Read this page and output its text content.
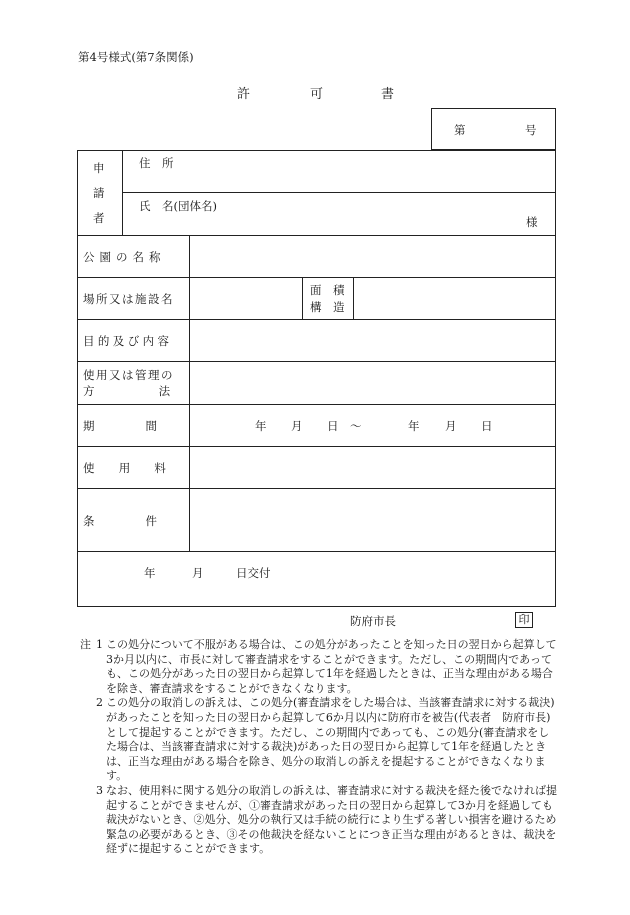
第4号様式(第7条関係)
許	可	書
第	号
申
請
者
住　所
氏　名(団体名)
様
公園の名称
場所又は施設名
面　積
構　造
目的及び内容
使用又は管理の
方　　　　　法
期　　　　間	年 月 日 ～	年 月 日
使　　用　　料
条　　　　件
年	月	日交付
防府市長	印
注 1 この処分について不服がある場合は、この処分があったことを知った日の翌日から起算して3か月以内に、市長に対して審査請求をすることができます。ただし、この期間内であっても、この処分があった日の翌日から起算して1年を経過したときは、正当な理由がある場合を除き、審査請求をすることができなくなります。
2 この処分の取消しの訴えは、この処分(審査請求をした場合は、当該審査請求に対する裁決)があったことを知った日の翌日から起算して6か月以内に防府市を被告(代表者　防府市長)として提起することができます。ただし、この期間内であっても、この処分(審査請求をした場合は、当該審査請求に対する裁決)があった日の翌日から起算して1年を経過したときは、正当な理由がある場合を除き、処分の取消しの訴えを提起することができなくなります。
3 なお、使用料に関する処分の取消しの訴えは、審査請求に対する裁決を経た後でなければ提起することができませんが、①審査請求があった日の翌日から起算して3か月を経過しても裁決がないとき、②処分、処分の執行又は手続の続行により生ずる著しい損害を避けるため緊急の必要があるとき、③その他裁決を経ないことにつき正当な理由があるときは、裁決を経ずに提起することができます。
